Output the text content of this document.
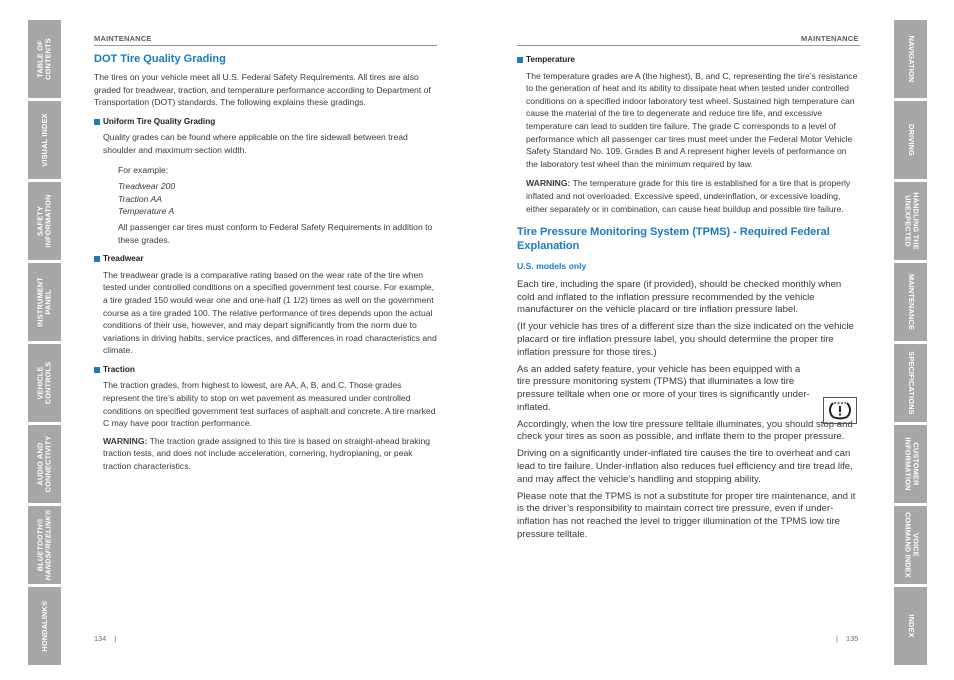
TABLE OF
CONTENTS
VISUAL INDEX
SAFETY
INFORMATION
INSTRUMENT
PANEL
VEHICLE
CONTROLS
AUDIO AND
CONNECTIVITY
BLUETOOTH®
HANDSFREELINK®
HONDALINK®
NAVIGATION
DRIVING
HANDLING THE
UNEXPECTED
MAINTENANCE
SPECIFICATIONS
CUSTOMER
INFORMATION
VOICE
COMMAND INDEX
INDEX
MAINTENANCE	MAINTENANCE
DOT Tire Quality Grading

The tires on your vehicle meet all U.S. Federal Safety Requirements. All tires are also graded for treadwear, traction, and temperature performance according to Department of Transportation (DOT) standards. The following explains these gradings.

Uniform Tire Quality Grading

Quality grades can be found where applicable on the tire sidewall between tread shoulder and maximum section width.

For example:

Treadwear 200

Traction AA

Temperature A

All passenger car tires must conform to Federal Safety Requirements in addition to these grades.

Treadwear

The treadwear grade is a comparative rating based on the wear rate of the tire when tested under controlled conditions on a specified government test course. For example, a tire graded 150 would wear one and one-half (1 1/2) times as well on the government course as a tire graded 100. The relative performance of tires depends upon the actual conditions of their use, however, and may depart significantly from the norm due to variations in driving habits, service practices, and differences in road characteristics and climate.

Traction

The traction grades, from highest to lowest, are AA, A, B, and C. Those grades represent the tire’s ability to stop on wet pavement as measured under controlled conditions on specified government test surfaces of asphalt and concrete. A tire marked C may have poor traction performance.

WARNING: The traction grade assigned to this tire is based on straight-ahead braking traction tests, and does not include acceleration, cornering, hydroplaning, or peak traction characteristics.

Temperature

The temperature grades are A (the highest), B, and C, representing the tire’s resistance to the generation of heat and its ability to dissipate heat when tested under controlled conditions on a specified indoor laboratory test wheel. Sustained high temperature can cause the material of the tire to degenerate and reduce tire life, and excessive temperature can lead to sudden tire failure. The grade C corresponds to a level of performance which all passenger car tires must meet under the Federal Motor Vehicle Safety Standard No. 109. Grades B and A represent higher levels of performance on the laboratory test wheel than the minimum required by law.

WARNING: The temperature grade for this tire is established for a tire that is properly inflated and not overloaded. Excessive speed, underinflation, or excessive loading, either separately or in combination, can cause heat buildup and possible tire failure.

Tire Pressure Monitoring System (TPMS) - Required Federal Explanation
U.S. models only

Each tire, including the spare (if provided), should be checked monthly when cold and inflated to the inflation pressure recommended by the vehicle manufacturer on the vehicle placard or tire inflation pressure label.

(If your vehicle has tires of a different size than the size indicated on the vehicle placard or tire inflation pressure label, you should determine the proper tire inflation pressure for those tires.)

As an added safety feature, your vehicle has been equipped with a tire pressure monitoring system (TPMS) that illuminates a low tire pressure telltale when one or more of your tires is significantly under-inflated.

Accordingly, when the low tire pressure telltale illuminates, you should stop and check your tires as soon as possible, and inflate them to the proper pressure.

Driving on a significantly under-inflated tire causes the tire to overheat and can lead to tire failure. Under-inflation also reduces fuel efficiency and tire tread life, and may affect the vehicle’s handling and stopping ability.

Please note that the TPMS is not a substitute for proper tire maintenance, and it is the driver’s responsibility to maintain correct tire pressure, even if under-inflation has not reached the level to trigger illumination of the TPMS low tire pressure telltale.

134    |	|    135
